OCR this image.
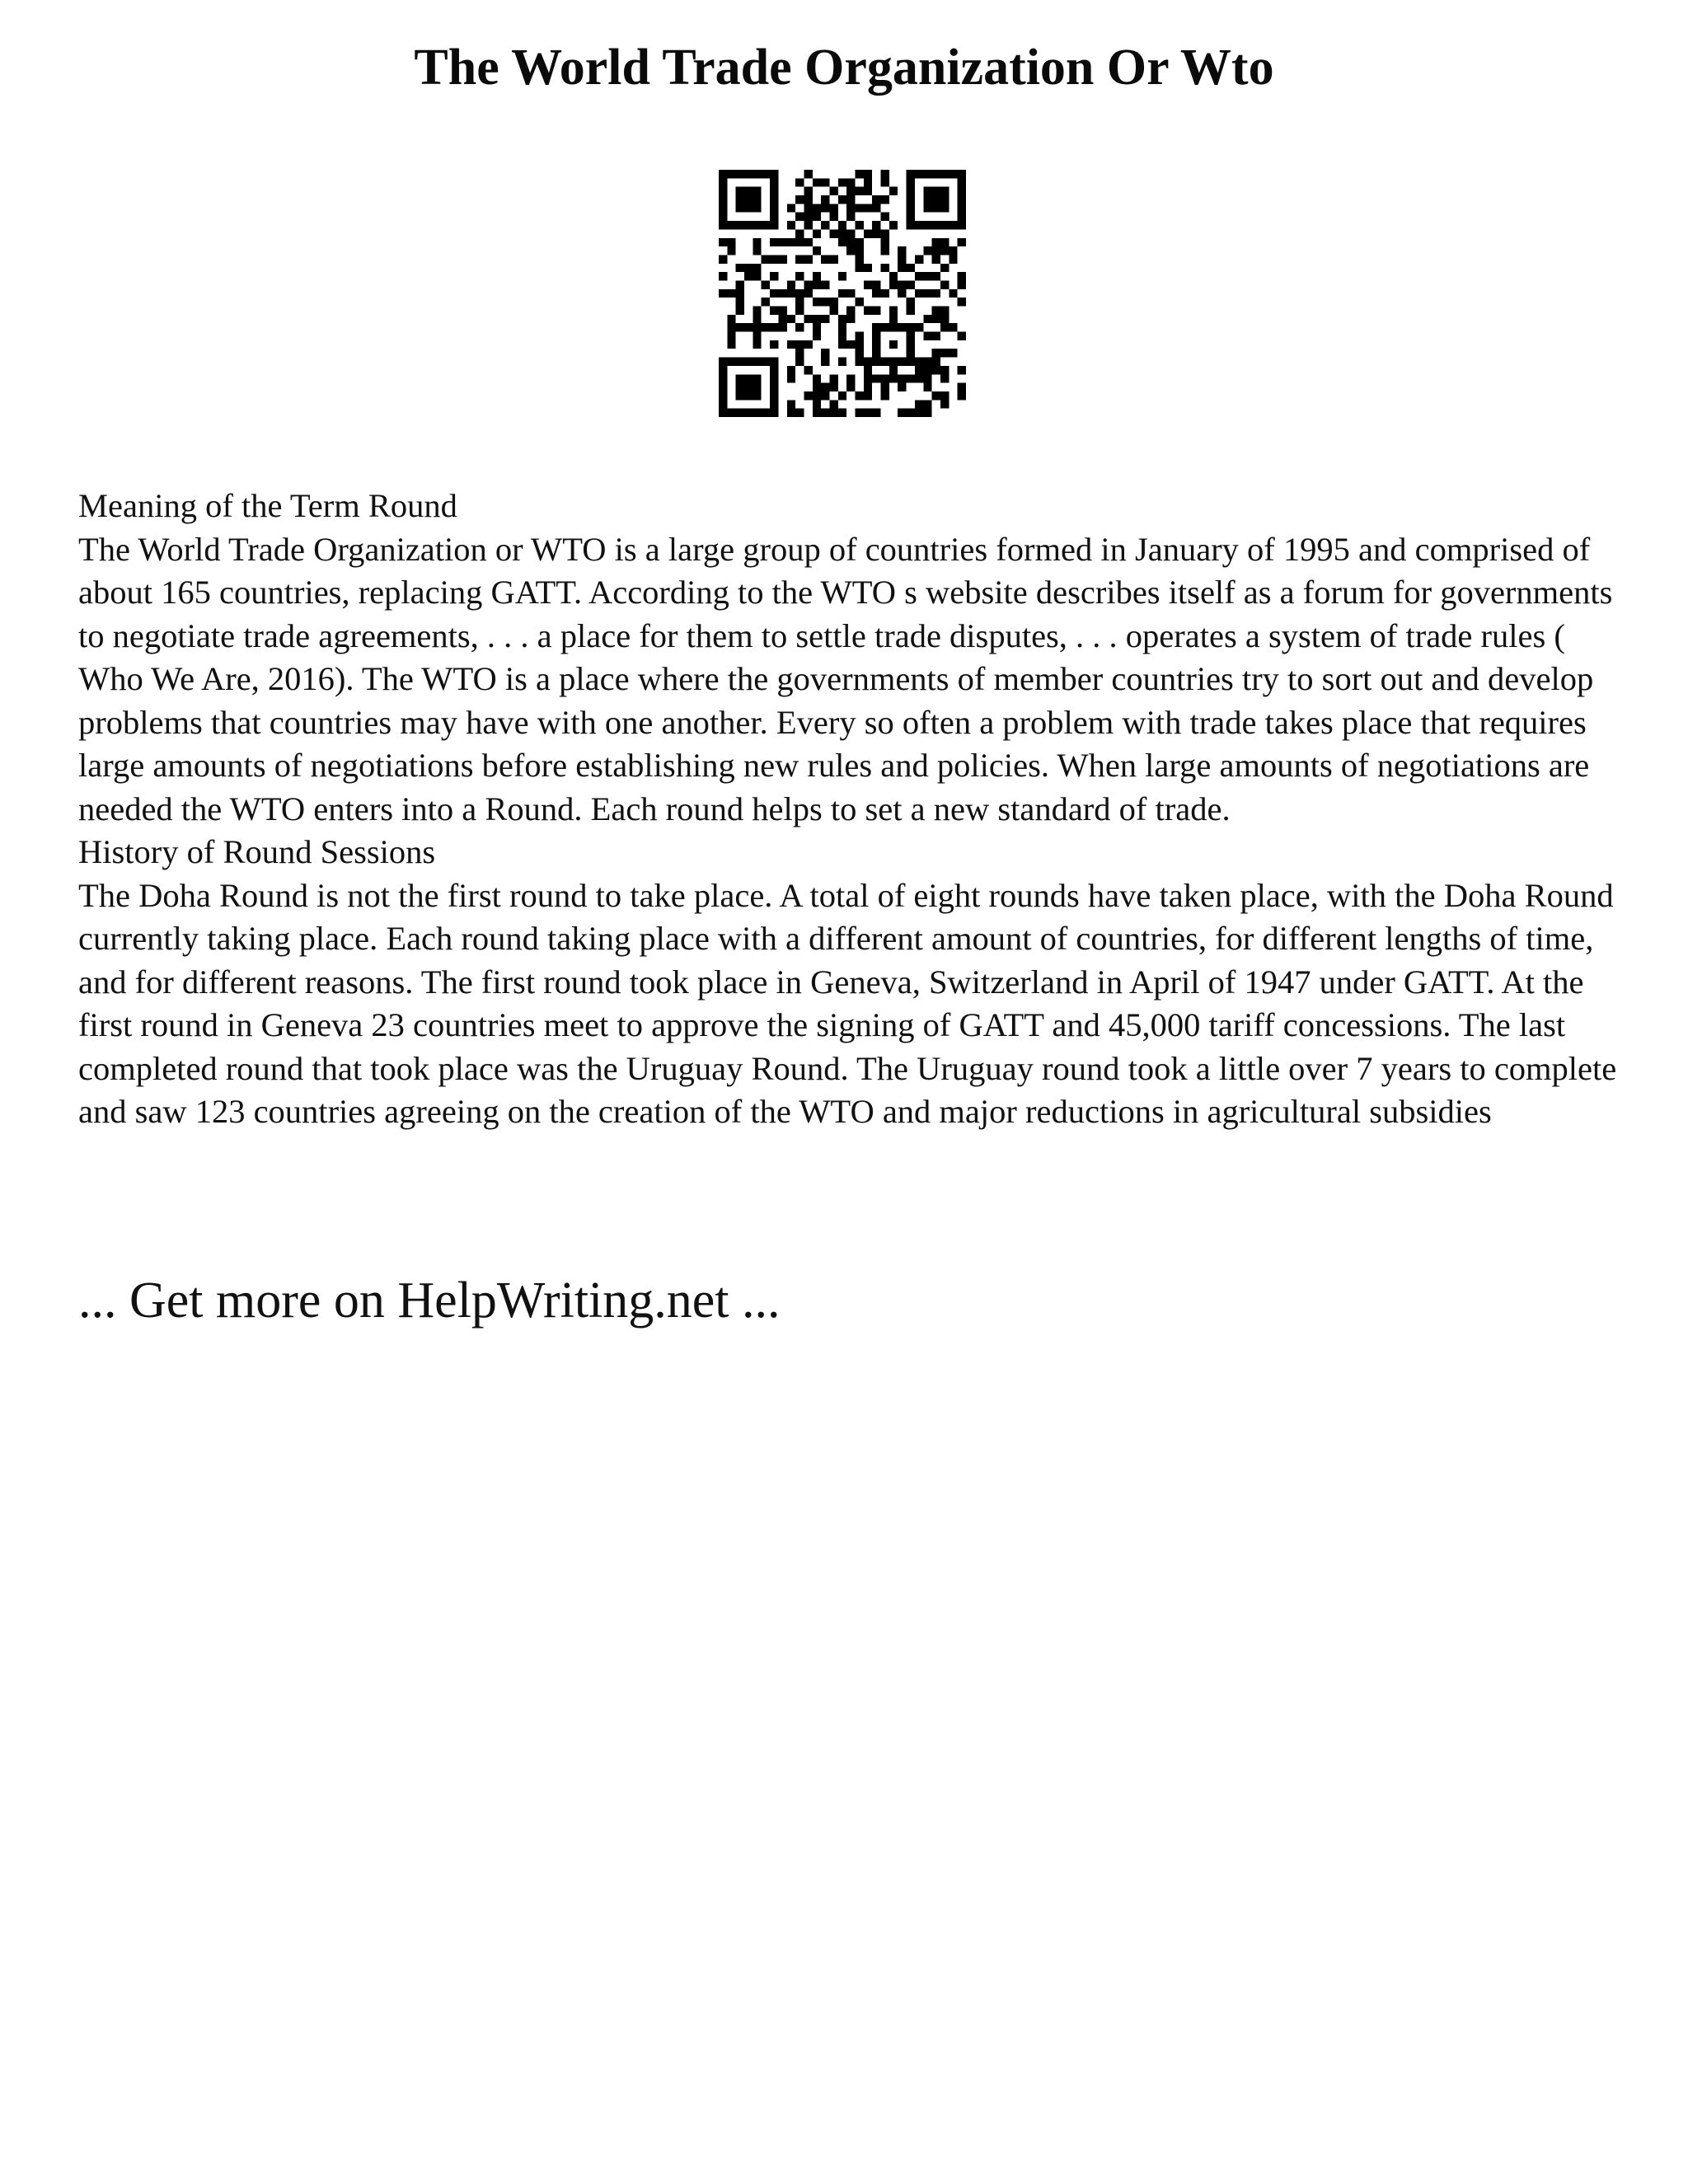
The World Trade Organization Or Wto

Meaning of the Term Round

The World Trade Organization or WTO is a large group of countries formed in January of 1995 and comprised of about 165 countries, replacing GATT. According to the WTO s website describes itself as a forum for governments to negotiate trade agreements, . . . a place for them to settle trade disputes, . . . operates a system of trade rules ( Who We Are, 2016). The WTO is a place where the governments of member countries try to sort out and develop problems that countries may have with one another. Every so often a problem with trade takes place that requires large amounts of negotiations before establishing new rules and policies. When large amounts of negotiations are needed the WTO enters into a Round. Each round helps to set a new standard of trade.

History of Round Sessions

The Doha Round is not the first round to take place. A total of eight rounds have taken place, with the Doha Round currently taking place. Each round taking place with a different amount of countries, for different lengths of time, and for different reasons. The first round took place in Geneva, Switzerland in April of 1947 under GATT. At the first round in Geneva 23 countries meet to approve the signing of GATT and 45,000 tariff concessions. The last completed round that took place was the Uruguay Round. The Uruguay round took a little over 7 years to complete and saw 123 countries agreeing on the creation of the WTO and major reductions in agricultural subsidies

... Get more on HelpWriting.net ...
